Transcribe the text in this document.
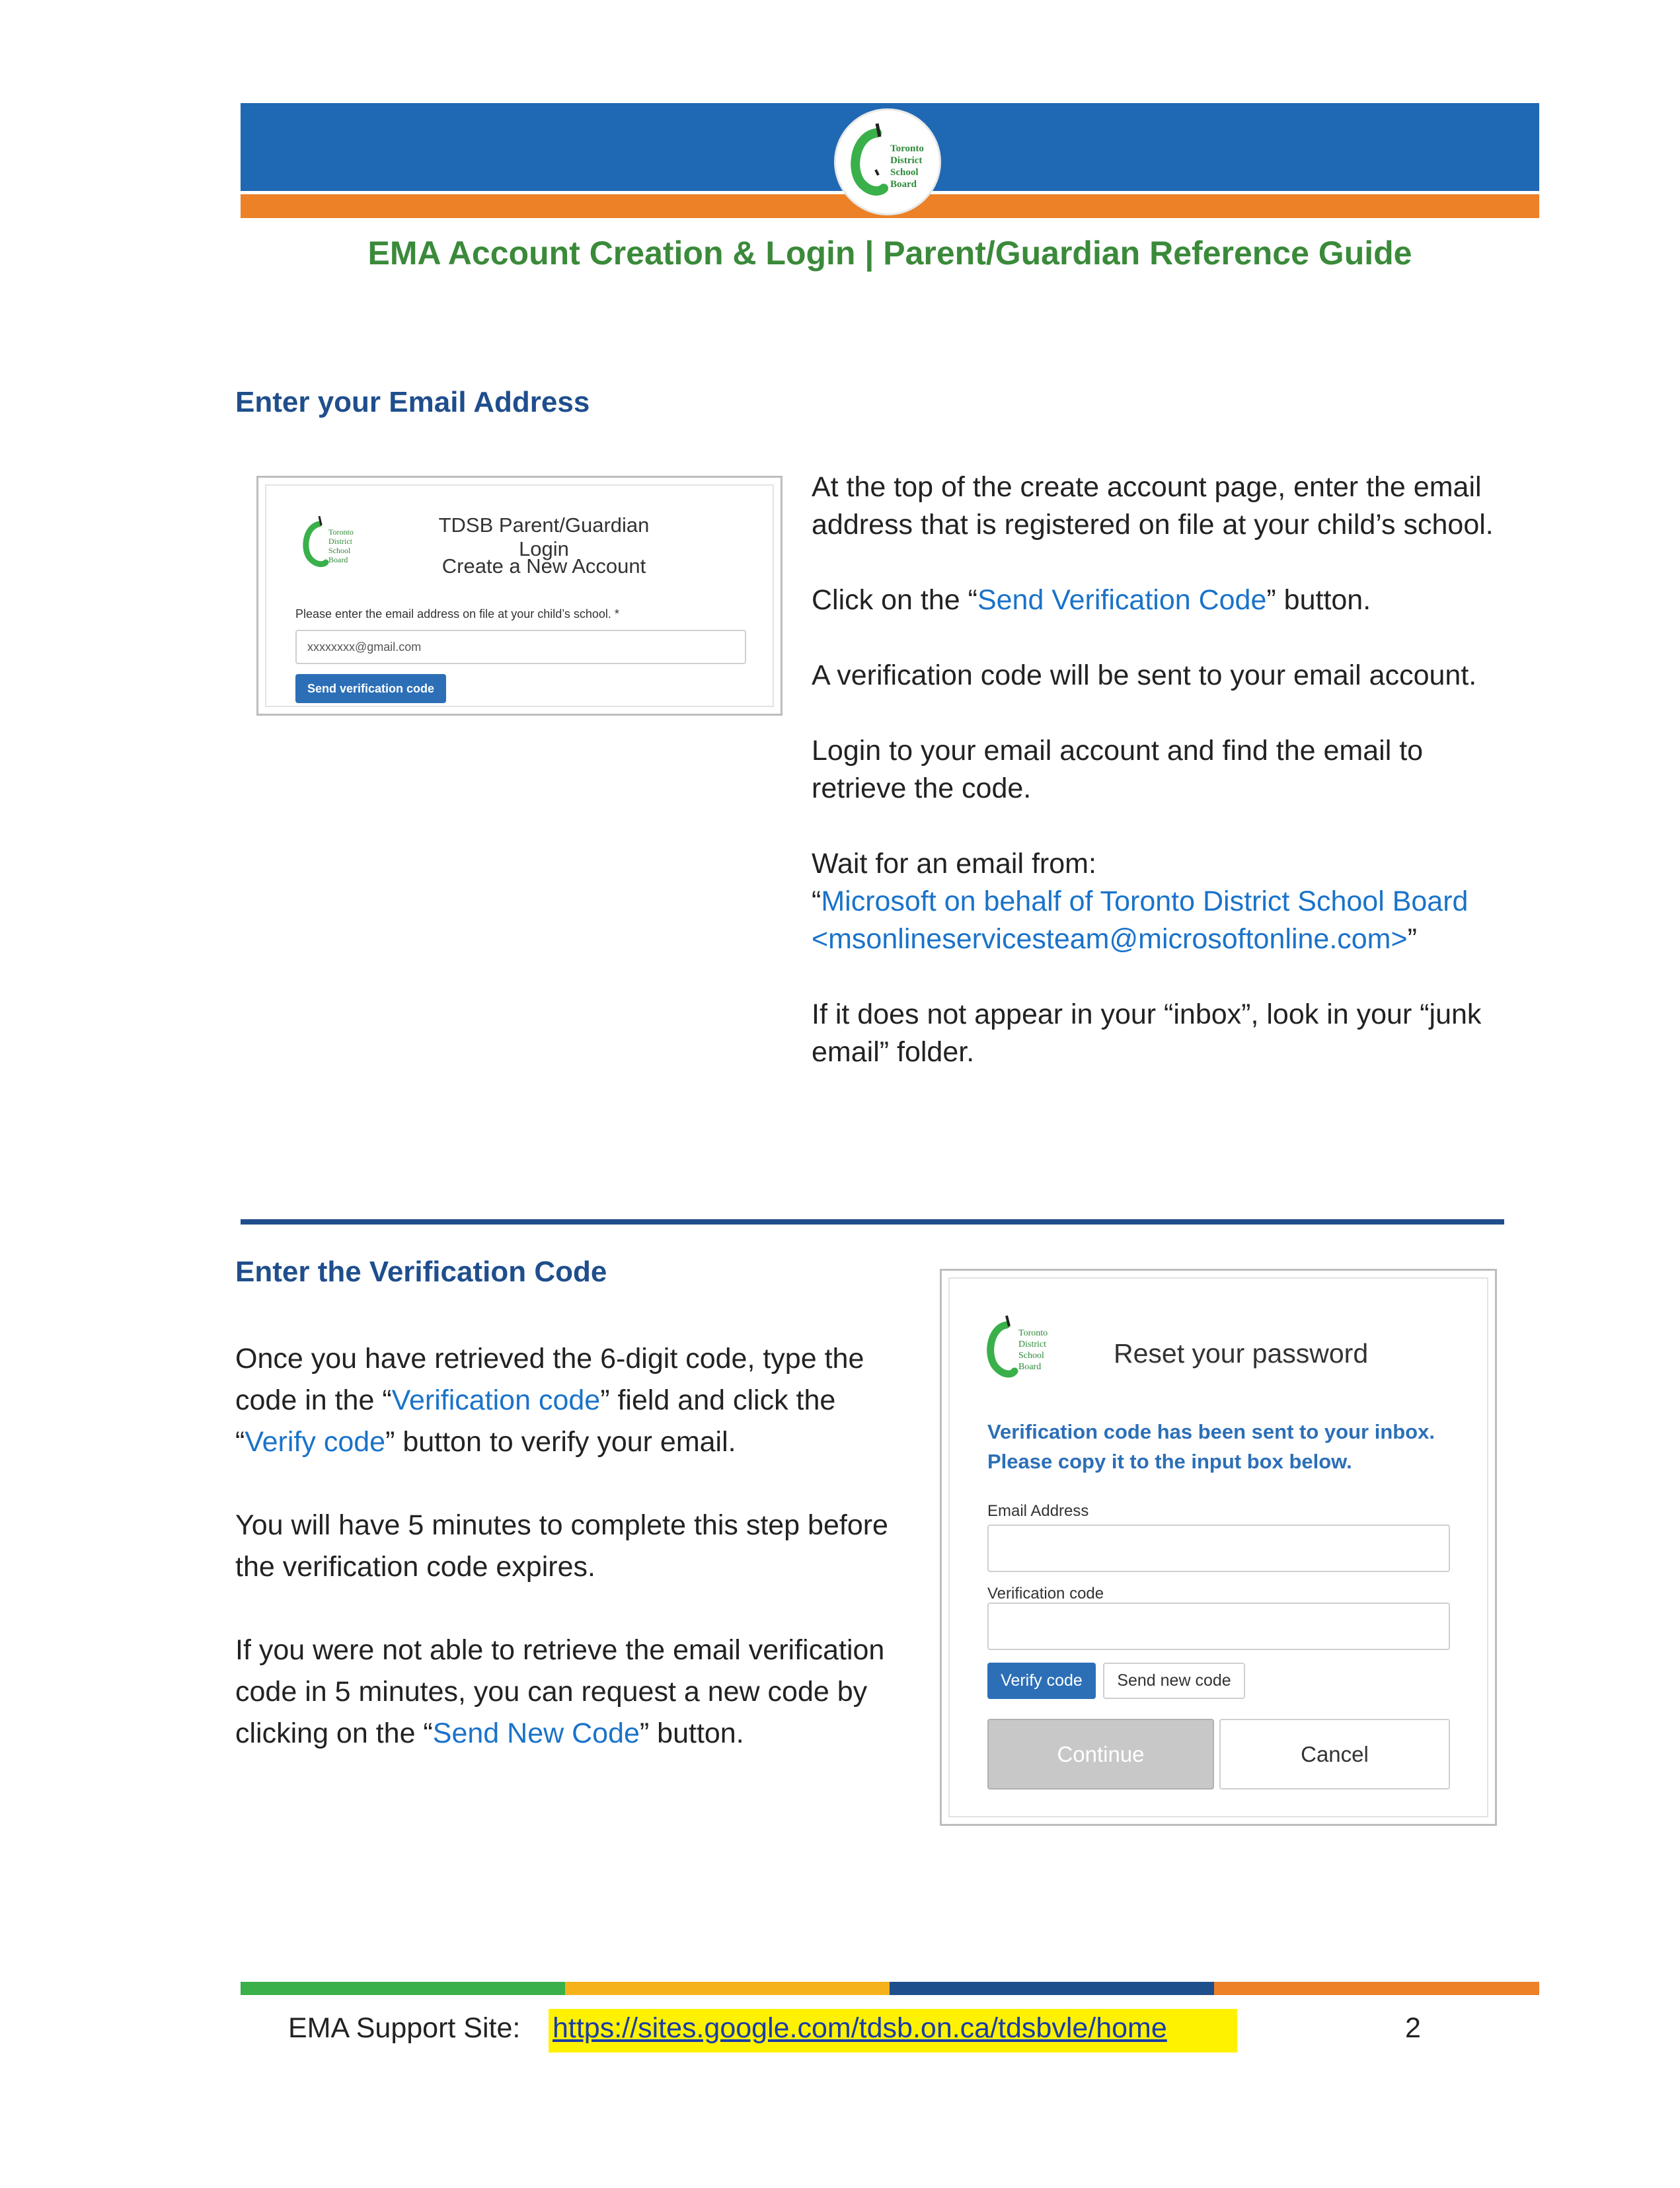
Toronto
District
School
Board
EMA Account Creation & Login | Parent/Guardian Reference Guide
Enter your Email Address
Toronto
District
School
Board
TDSB Parent/Guardian Login
Create a New Account
Please enter the email address on file at your child’s school. *
xxxxxxxx@gmail.com
Send verification code

At the top of the create account page, enter the email address that is registered on file at your child’s school.

Click on the “Send Verification Code” button.

A verification code will be sent to your email account.

Login to your email account and find the email to retrieve the code.

Wait for an email from:
“Microsoft on behalf of Toronto District School Board <msonlineservicesteam@microsoftonline.com>”

If it does not appear in your “inbox”, look in your “junk email” folder.

Enter the Verification Code

Once you have retrieved the 6-digit code, type the code in the “Verification code” field and click the “Verify code” button to verify your email.

You will have 5 minutes to complete this step before the verification code expires.

If you were not able to retrieve the email verification code in 5 minutes, you can request a new code by clicking on the “Send New Code” button.

Toronto
District
School
Board	Reset your password
Verification code has been sent to your inbox. Please copy it to the input box below.
Email Address
Verification code
Verify code	Send new code
Continue	Cancel
EMA Support Site: https://sites.google.com/tdsb.on.ca/tdsbvle/home	2
